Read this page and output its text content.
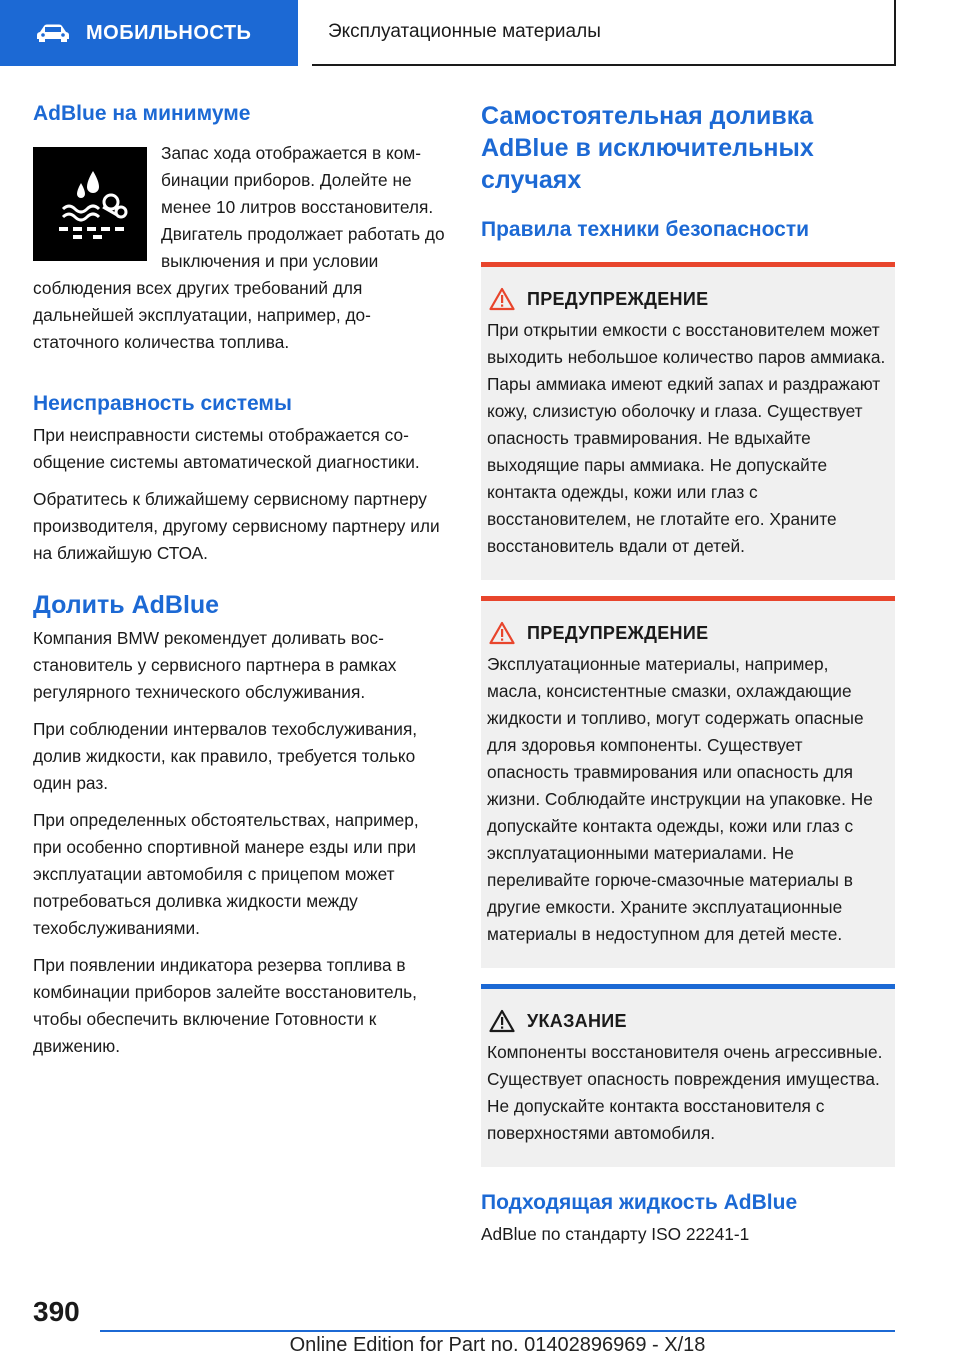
МОБИЛЬНОСТЬ	Эксплуатационные материалы
AdBlue на минимуме

Запас хода отображается в комбинации приборов. Долейте не менее 10 литров восстановителя. Двигатель продолжает работать до выключения и при условии соблюдения всех других требований для дальнейшей эксплуатации, например, достаточного количества топлива.

Неисправность системы

При неисправности системы отображается сообщение системы автоматической диагностики.

Обратитесь к ближайшему сервисному партнеру производителя, другому сервисному партнеру или на ближайшую СТОА.

Долить AdBlue

Компания BMW рекомендует доливать восстановитель у сервисного партнера в рамках регулярного технического обслуживания.

При соблюдении интервалов техобслуживания, долив жидкости, как правило, требуется только один раз.

При определенных обстоятельствах, например, при особенно спортивной манере езды или при эксплуатации автомобиля с прицепом может потребоваться доливка жидкости между техобслуживаниями.

При появлении индикатора резерва топлива в комбинации приборов залейте восстановитель, чтобы обеспечить включение Готовности к движению.

Самостоятельная доливка AdBlue в исключительных случаях
Правила техники безопасности
ПРЕДУПРЕЖДЕНИЕ

При открытии емкости с восстановителем может выходить небольшое количество паров аммиака. Пары аммиака имеют едкий запах и раздражают кожу, слизистую оболочку и глаза. Существует опасность травмирования. Не вдыхайте выходящие пары аммиака. Не допускайте контакта одежды, кожи или глаз с восстановителем, не глотайте его. Храните восстановитель вдали от детей.

ПРЕДУПРЕЖДЕНИЕ

Эксплуатационные материалы, например, масла, консистентные смазки, охлаждающие жидкости и топливо, могут содержать опасные для здоровья компоненты. Существует опасность травмирования или опасность для жизни. Соблюдайте инструкции на упаковке. Не допускайте контакта одежды, кожи или глаз с эксплуатационными материалами. Не переливайте горюче-смазочные материалы в другие емкости. Храните эксплуатационные материалы в недоступном для детей месте.

УКАЗАНИЕ

Компоненты восстановителя очень агрессивные. Существует опасность повреждения имущества. Не допускайте контакта восстановителя с поверхностями автомобиля.

Подходящая жидкость AdBlue

AdBlue по стандарту ISO 22241-1

390
Online Edition for Part no. 01402896969 - X/18
